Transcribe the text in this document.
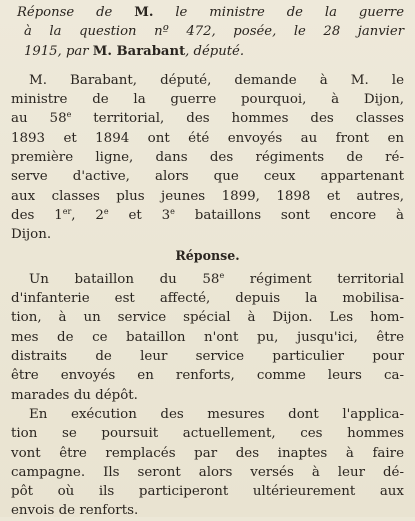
Réponse de M. le ministre de la guerre
à la question nº 472, posée, le 28 janvier
1915, par M. Barabant, député.
M. Barabant, député, demande à M. le
ministre de la guerre pourquoi, à Dijon,
au 58e territorial, des hommes des classes
1893 et 1894 ont été envoyés au front en
première ligne, dans des régiments de ré-
serve d'active, alors que ceux appartenant
aux classes plus jeunes 1899, 1898 et autres,
des 1er, 2e et 3e bataillons sont encore à
Dijon.
Réponse.
Un bataillon du 58e régiment territorial
d'infanterie est affecté, depuis la mobilisa-
tion, à un service spécial à Dijon. Les hom-
mes de ce bataillon n'ont pu, jusqu'ici, être
distraits de leur service particulier pour
être envoyés en renforts, comme leurs ca-
marades du dépôt.
En exécution des mesures dont l'applica-
tion se poursuit actuellement, ces hommes
vont être remplacés par des inaptes à faire
campagne. Ils seront alors versés à leur dé-
pôt où ils participeront ultérieurement aux
envois de renforts.
